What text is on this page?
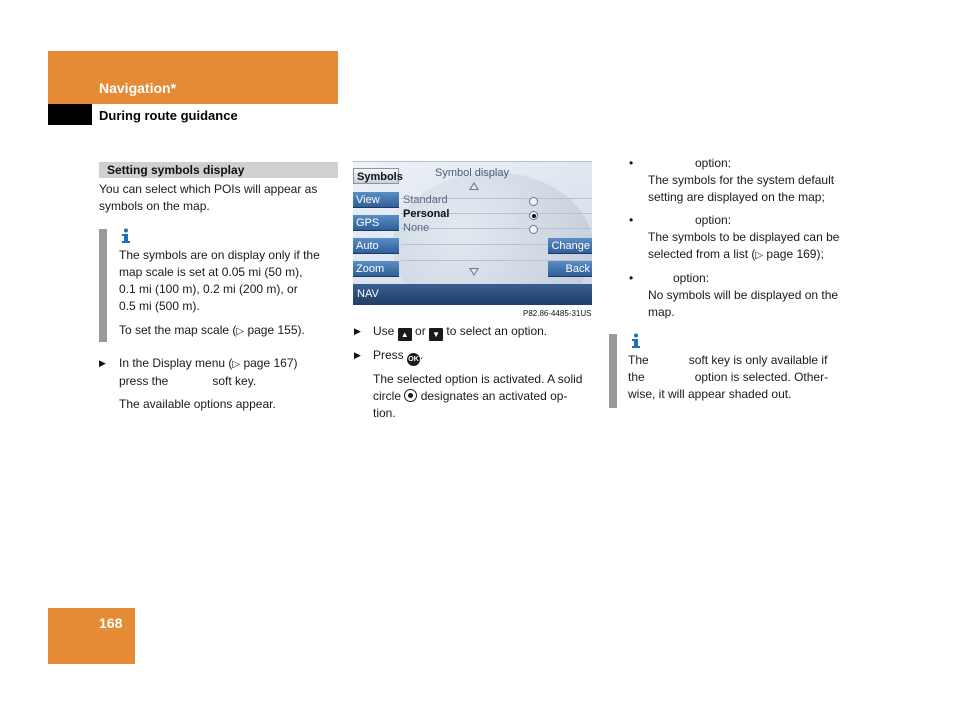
Navigation*
During route guidance
Setting symbols display
You can select which POIs will appear as
symbols on the map.
The symbols are on display only if the
map scale is set at 0.05 mi (50 m),
0.1 mi (100 m), 0.2 mi (200 m), or
0.5 mi (500 m).
To set the map scale (▷ page 155).
▶ In the Display menu (▷ page 167)
press the	soft key.
The available options appear.
Symbol display
Symbols
View
GPS
Auto
Zoom
Change
Back
Standard
Personal
None
NAV
P82.86-4485-31US
▶ Use ▲ or ▼ to select an option.
▶ Press OK.
The selected option is activated. A solid
circle designates an activated op-
tion.
•	option:
The symbols for the system default
setting are displayed on the map;
•	option:
The symbols to be displayed can be
selected from a list (▷ page 169);
•	option:
No symbols will be displayed on the
map.
The	soft key is only available if
the	option is selected. Other-
wise, it will appear shaded out.
168
